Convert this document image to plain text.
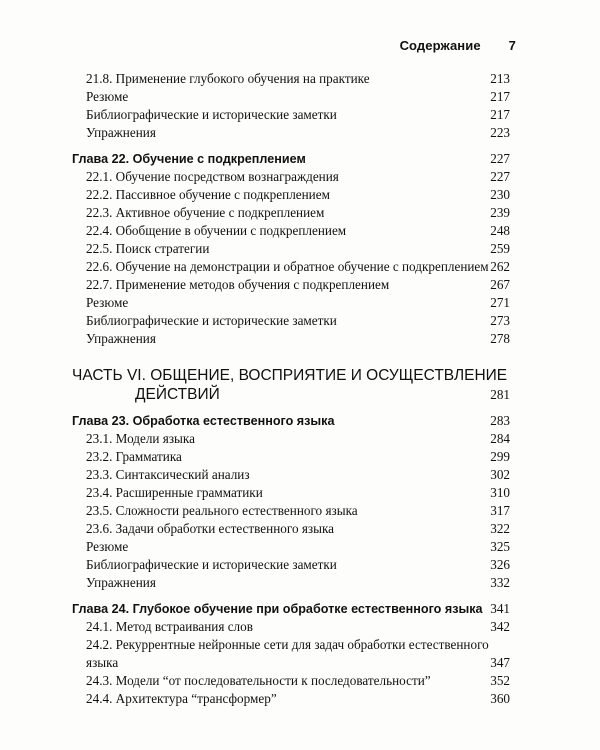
Содержание 7
21.8. Применение глубокого обучения на практике	213
Резюме	217
Библиографические и исторические заметки	217
Упражнения	223
Глава 22. Обучение с подкреплением	227
22.1. Обучение посредством вознаграждения	227
22.2. Пассивное обучение с подкреплением	230
22.3. Активное обучение с подкреплением	239
22.4. Обобщение в обучении с подкреплением	248
22.5. Поиск стратегии	259
22.6. Обучение на демонстрации и обратное обучение с подкреплением 262
22.7. Применение методов обучения с подкреплением	267
Резюме	271
Библиографические и исторические заметки	273
Упражнения	278
ЧАСТЬ VI. ОБЩЕНИЕ, ВОСПРИЯТИЕ И ОСУЩЕСТВЛЕНИЕ
ДЕЙСТВИЙ	281
Глава 23. Обработка естественного языка	283
23.1. Модели языка	284
23.2. Грамматика	299
23.3. Синтаксический анализ	302
23.4. Расширенные грамматики	310
23.5. Сложности реального естественного языка	317
23.6. Задачи обработки естественного языка	322
Резюме	325
Библиографические и исторические заметки	326
Упражнения	332
Глава 24. Глубокое обучение при обработке естественного языка 341
24.1. Метод встраивания слов	342
24.2. Рекуррентные нейронные сети для задач обработки естественного
языка	347
24.3. Модели “от последовательности к последовательности”	352
24.4. Архитектура “трансформер”	360
